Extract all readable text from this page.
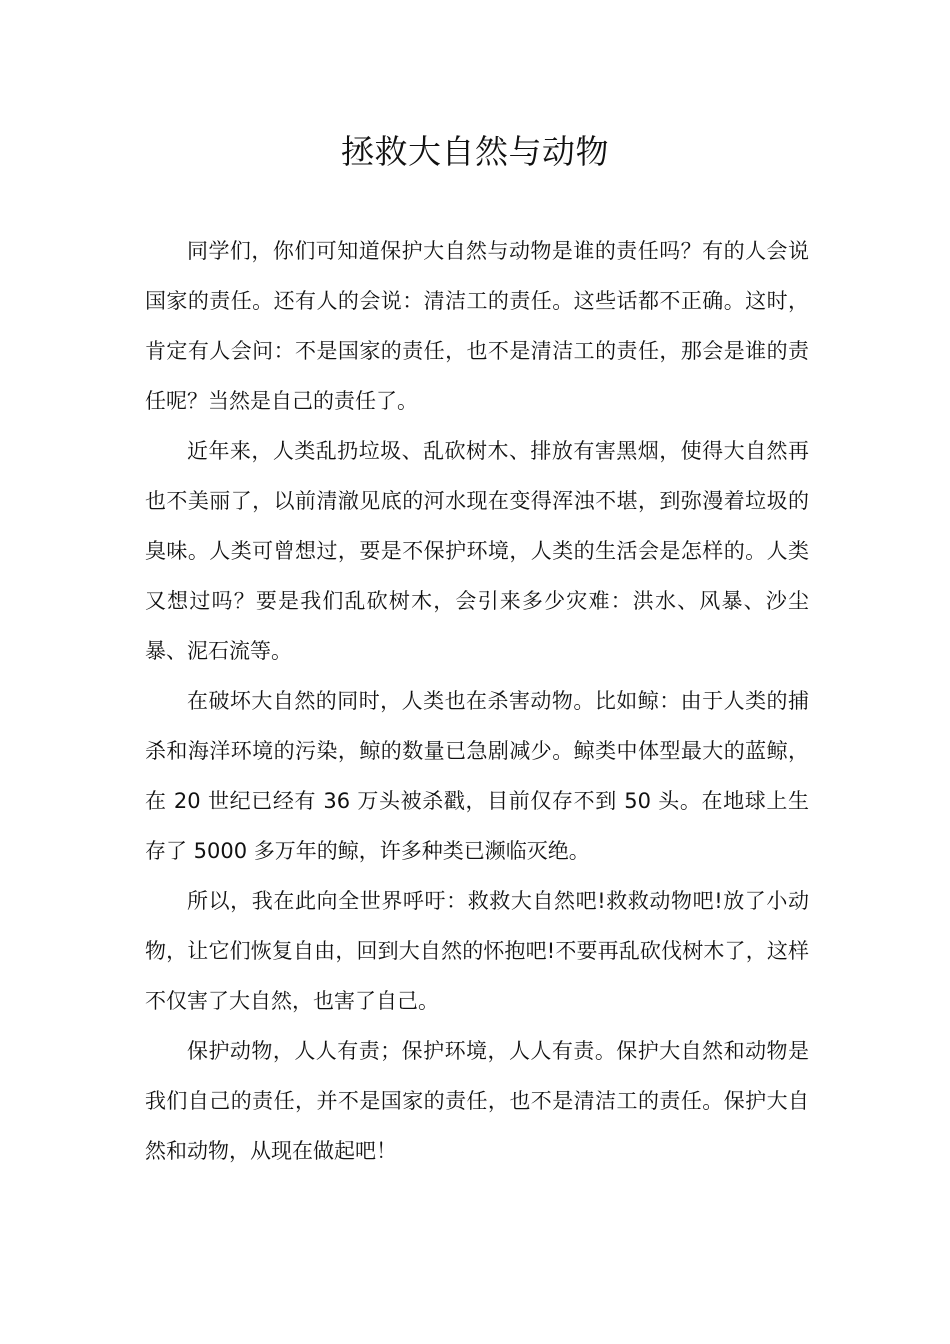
拯救大自然与动物

同学们，你们可知道保护大自然与动物是谁的责任吗？有的人会说国家的责任。还有人的会说：清洁工的责任。这些话都不正确。这时，肯定有人会问：不是国家的责任，也不是清洁工的责任，那会是谁的责任呢？当然是自己的责任了。

近年来，人类乱扔垃圾、乱砍树木、排放有害黑烟，使得大自然再也不美丽了，以前清澈见底的河水现在变得浑浊不堪，到弥漫着垃圾的臭味。人类可曾想过，要是不保护环境，人类的生活会是怎样的。人类又想过吗？要是我们乱砍树木，会引来多少灾难：洪水、风暴、沙尘暴、泥石流等。

在破坏大自然的同时，人类也在杀害动物。比如鲸：由于人类的捕杀和海洋环境的污染，鲸的数量已急剧减少。鲸类中体型最大的蓝鲸，在 20 世纪已经有 36 万头被杀戳，目前仅存不到 50 头。在地球上生存了 5000 多万年的鲸，许多种类已濒临灭绝。

所以，我在此向全世界呼吁：救救大自然吧!救救动物吧!放了小动物，让它们恢复自由，回到大自然的怀抱吧!不要再乱砍伐树木了，这样不仅害了大自然，也害了自己。

保护动物，人人有责；保护环境，人人有责。保护大自然和动物是我们自己的责任，并不是国家的责任，也不是清洁工的责任。保护大自然和动物，从现在做起吧！
